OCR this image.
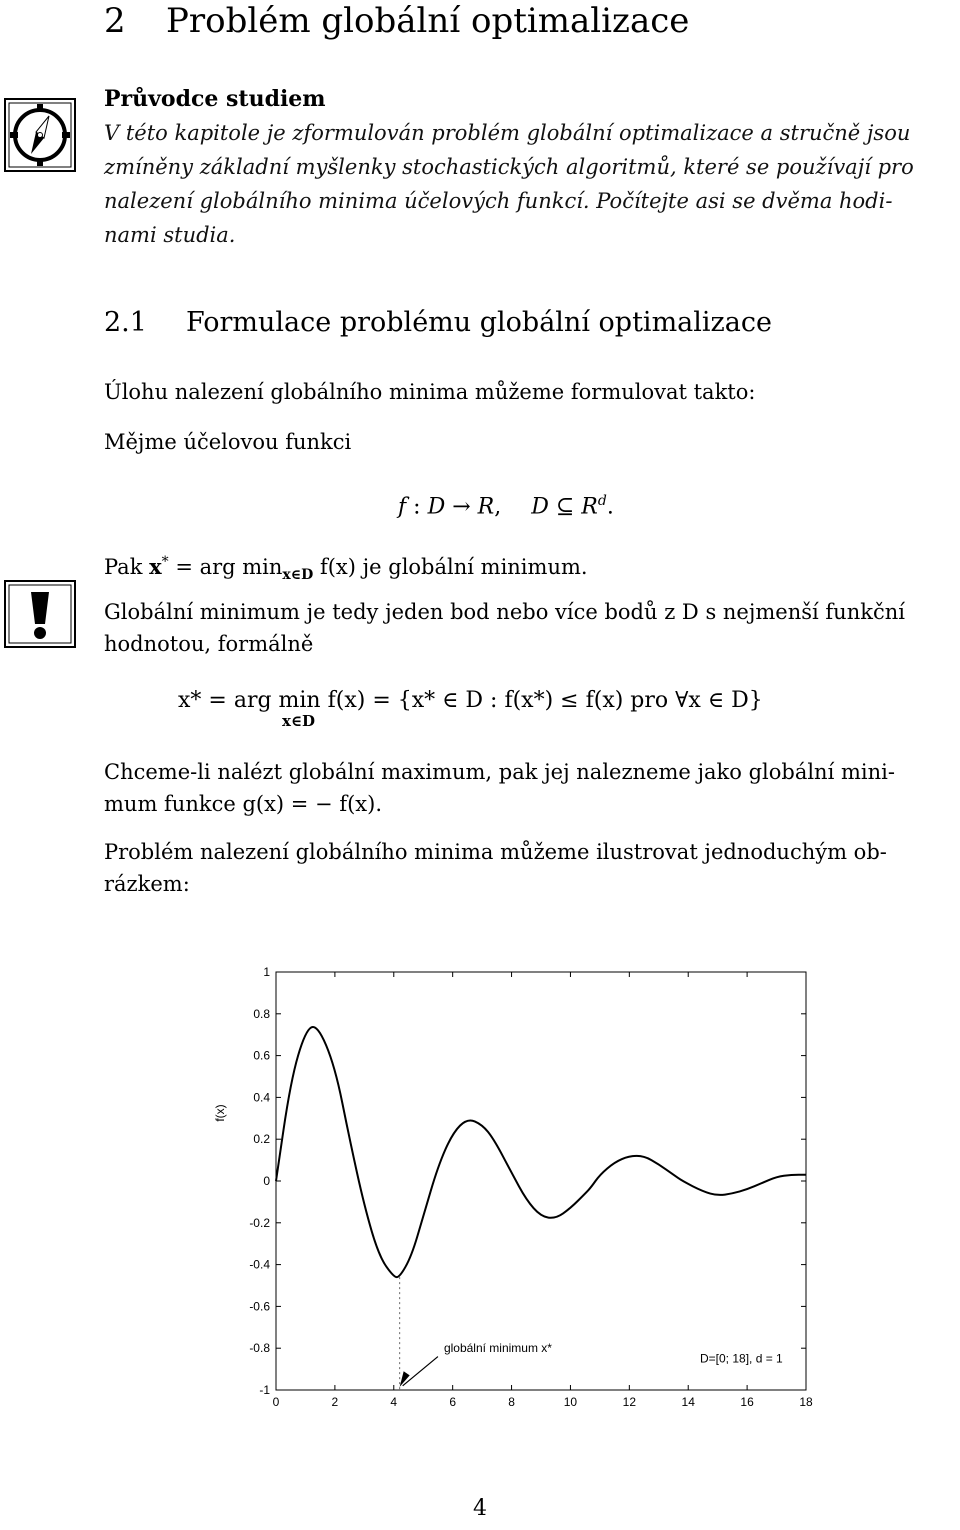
2 Problém globální optimalizace
Průvodce studiem
V této kapitole je zformulován problém globální optimalizace a stručně jsou
zmíněny základní myšlenky stochastických algoritmů, které se používají pro
nalezení globálního minima účelových funkcí. Počítejte asi se dvěma hodi-
nami studia.
2.1 Formulace problému globální optimalizace
Úlohu nalezení globálního minima můžeme formulovat takto:
Mějme účelovou funkci
f : D → R, D ⊆ $R^d$.
Pak x* = arg $\min_{x\in D} f(x)$ je globální minimum.
Globální minimum je tedy jeden bod nebo více bodů z D s nejmenší funkční
hodnotou, formálně
x* = arg min f(x) = {x* ∈ D : f(x*) ≤ f(x) pro ∀x ∈ D}
x∈D
Chceme-li nalézt globální maximum, pak jej nalezneme jako globální mini-
mum funkce g(x) = − f(x).
Problém nalezení globálního minima můžeme ilustrovat jednoduchým ob-
rázkem:
0	2	4	6	8	10	12	14	16	18
1
0.8
0.6
0.4
0.2
0
-0.2
-0.4
-0.6
-0.8
-1
f(x)
globální minimum x*
D=[0; 18], d = 1
4
